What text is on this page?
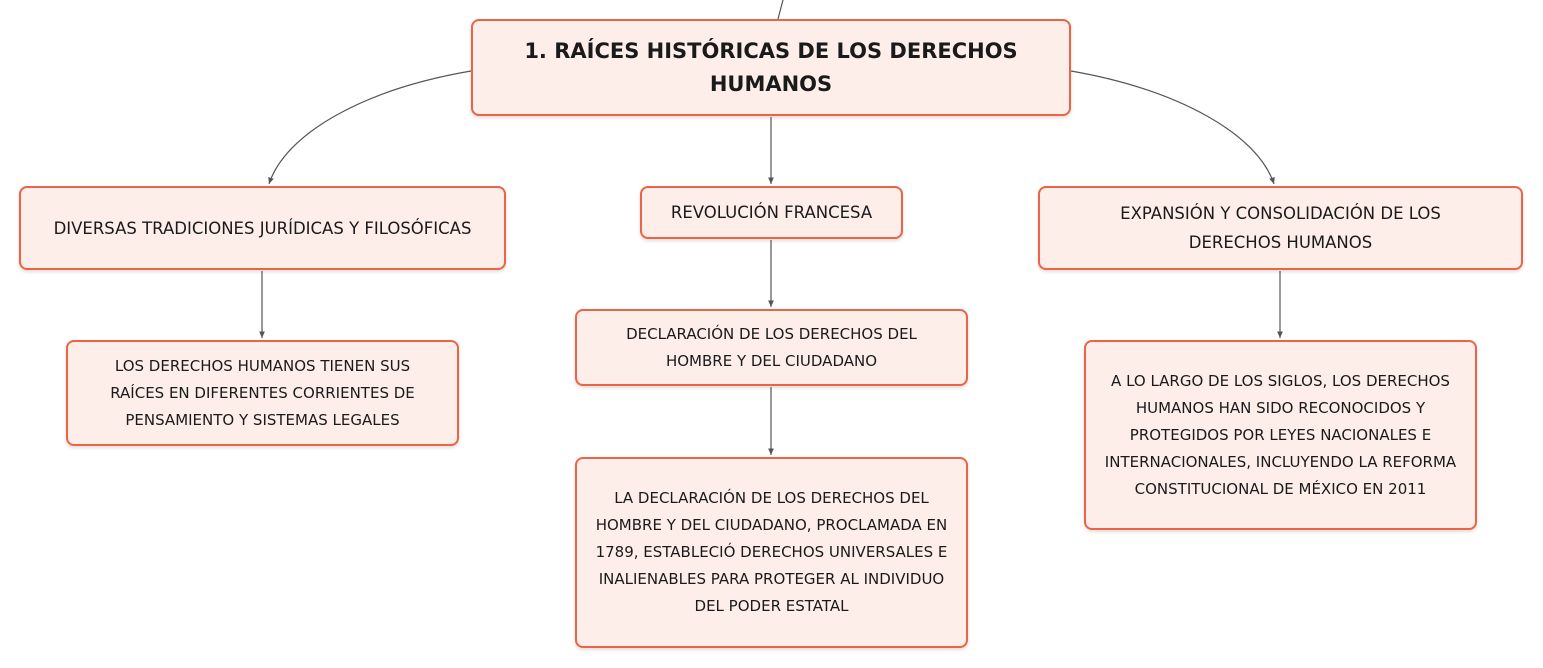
1. RAÍCES HISTÓRICAS DE LOS DERECHOS HUMANOS
DIVERSAS TRADICIONES JURÍDICAS Y FILOSÓFICAS
REVOLUCIÓN FRANCESA	EXPANSIÓN Y CONSOLIDACIÓN DE LOS DERECHOS HUMANOS
LOS DERECHOS HUMANOS TIENEN SUS RAÍCES EN DIFERENTES CORRIENTES DE PENSAMIENTO Y SISTEMAS LEGALES
DECLARACIÓN DE LOS DERECHOS DEL HOMBRE Y DEL CIUDADANO
LA DECLARACIÓN DE LOS DERECHOS DEL HOMBRE Y DEL CIUDADANO, PROCLAMADA EN 1789, ESTABLECIÓ DERECHOS UNIVERSALES E INALIENABLES PARA PROTEGER AL INDIVIDUO DEL PODER ESTATAL
A LO LARGO DE LOS SIGLOS, LOS DERECHOS HUMANOS HAN SIDO RECONOCIDOS Y PROTEGIDOS POR LEYES NACIONALES E INTERNACIONALES, INCLUYENDO LA REFORMA CONSTITUCIONAL DE MÉXICO EN 2011
